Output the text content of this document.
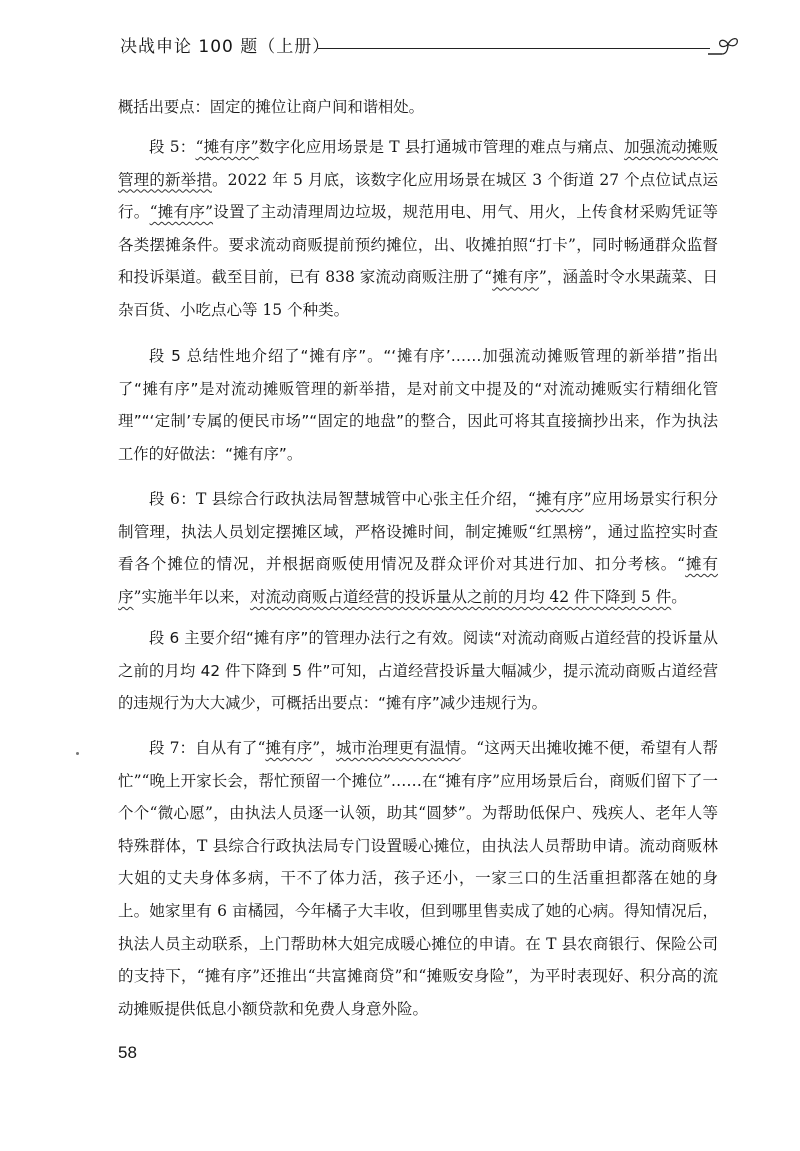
决战申论 100 题（上册）
概括出要点：固定的摊位让商户间和谐相处。
段 5：“摊有序”数字化应用场景是 T 县打通城市管理的难点与痛点、加强流动摊贩管理的新举措。2022 年 5 月底，该数字化应用场景在城区 3 个街道 27 个点位试点运行。“摊有序”设置了主动清理周边垃圾，规范用电、用气、用火，上传食材采购凭证等各类摆摊条件。要求流动商贩提前预约摊位，出、收摊拍照“打卡”，同时畅通群众监督和投诉渠道。截至目前，已有 838 家流动商贩注册了“摊有序”，涵盖时令水果蔬菜、日杂百货、小吃点心等 15 个种类。
段 5 总结性地介绍了“摊有序”。“‘摊有序’……加强流动摊贩管理的新举措”指出了“摊有序”是对流动摊贩管理的新举措，是对前文中提及的“对流动摊贩实行精细化管理”“‘定制’专属的便民市场”“固定的地盘”的整合，因此可将其直接摘抄出来，作为执法工作的好做法：“摊有序”。
段 6：T 县综合行政执法局智慧城管中心张主任介绍，“摊有序”应用场景实行积分制管理，执法人员划定摆摊区域，严格设摊时间，制定摊贩“红黑榜”，通过监控实时查看各个摊位的情况，并根据商贩使用情况及群众评价对其进行加、扣分考核。“摊有序”实施半年以来，对流动商贩占道经营的投诉量从之前的月均 42 件下降到 5 件。
段 6 主要介绍“摊有序”的管理办法行之有效。阅读“对流动商贩占道经营的投诉量从之前的月均 42 件下降到 5 件”可知，占道经营投诉量大幅减少，提示流动商贩占道经营的违规行为大大减少，可概括出要点：“摊有序”减少违规行为。
段 7：自从有了“摊有序”，城市治理更有温情。“这两天出摊收摊不便，希望有人帮忙”“晚上开家长会，帮忙预留一个摊位”……在“摊有序”应用场景后台，商贩们留下了一个个“微心愿”，由执法人员逐一认领，助其“圆梦”。为帮助低保户、残疾人、老年人等特殊群体，T 县综合行政执法局专门设置暖心摊位，由执法人员帮助申请。流动商贩林大姐的丈夫身体多病，干不了体力活，孩子还小，一家三口的生活重担都落在她的身上。她家里有 6 亩橘园，今年橘子大丰收，但到哪里售卖成了她的心病。得知情况后，执法人员主动联系，上门帮助林大姐完成暖心摊位的申请。在 T 县农商银行、保险公司的支持下，“摊有序”还推出“共富摊商贷”和“摊贩安身险”，为平时表现好、积分高的流动摊贩提供低息小额贷款和免费人身意外险。
58
